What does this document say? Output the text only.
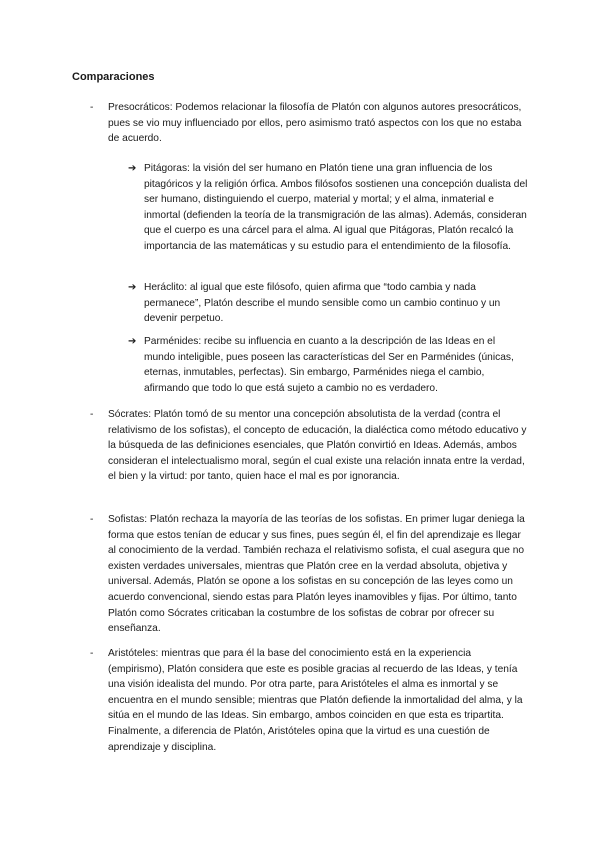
Comparaciones
- Presocráticos: Podemos relacionar la filosofía de Platón con algunos autores presocráticos, pues se vio muy influenciado por ellos, pero asimismo trató aspectos con los que no estaba de acuerdo.
➔ Pitágoras: la visión del ser humano en Platón tiene una gran influencia de los pitagóricos y la religión órfica. Ambos filósofos sostienen una concepción dualista del ser humano, distinguiendo el cuerpo, material y mortal; y el alma, inmaterial e inmortal (defienden la teoría de la transmigración de las almas). Además, consideran que el cuerpo es una cárcel para el alma. Al igual que Pitágoras, Platón recalcó la importancia de las matemáticas y su estudio para el entendimiento de la filosofía.
➔ Heráclito: al igual que este filósofo, quien afirma que “todo cambia y nada permanece”, Platón describe el mundo sensible como un cambio continuo y un devenir perpetuo.
➔ Parménides: recibe su influencia en cuanto a la descripción de las Ideas en el mundo inteligible, pues poseen las características del Ser en Parménides (únicas, eternas, inmutables, perfectas). Sin embargo, Parménides niega el cambio, afirmando que todo lo que está sujeto a cambio no es verdadero.
- Sócrates: Platón tomó de su mentor una concepción absolutista de la verdad (contra el relativismo de los sofistas), el concepto de educación, la dialéctica como método educativo y la búsqueda de las definiciones esenciales, que Platón convirtió en Ideas. Además, ambos consideran el intelectualismo moral, según el cual existe una relación innata entre la verdad, el bien y la virtud: por tanto, quien hace el mal es por ignorancia.
- Sofistas: Platón rechaza la mayoría de las teorías de los sofistas. En primer lugar deniega la forma que estos tenían de educar y sus fines, pues según él, el fin del aprendizaje es llegar al conocimiento de la verdad. También rechaza el relativismo sofista, el cual asegura que no existen verdades universales, mientras que Platón cree en la verdad absoluta, objetiva y universal. Además, Platón se opone a los sofistas en su concepción de las leyes como un acuerdo convencional, siendo estas para Platón leyes inamovibles y fijas. Por último, tanto Platón como Sócrates criticaban la costumbre de los sofistas de cobrar por ofrecer su enseñanza.
- Aristóteles: mientras que para él la base del conocimiento está en la experiencia (empirismo), Platón considera que este es posible gracias al recuerdo de las Ideas, y tenía una visión idealista del mundo. Por otra parte, para Aristóteles el alma es inmortal y se encuentra en el mundo sensible; mientras que Platón defiende la inmortalidad del alma, y la sitúa en el mundo de las Ideas. Sin embargo, ambos coinciden en que esta es tripartita. Finalmente, a diferencia de Platón, Aristóteles opina que la virtud es una cuestión de aprendizaje y disciplina.
